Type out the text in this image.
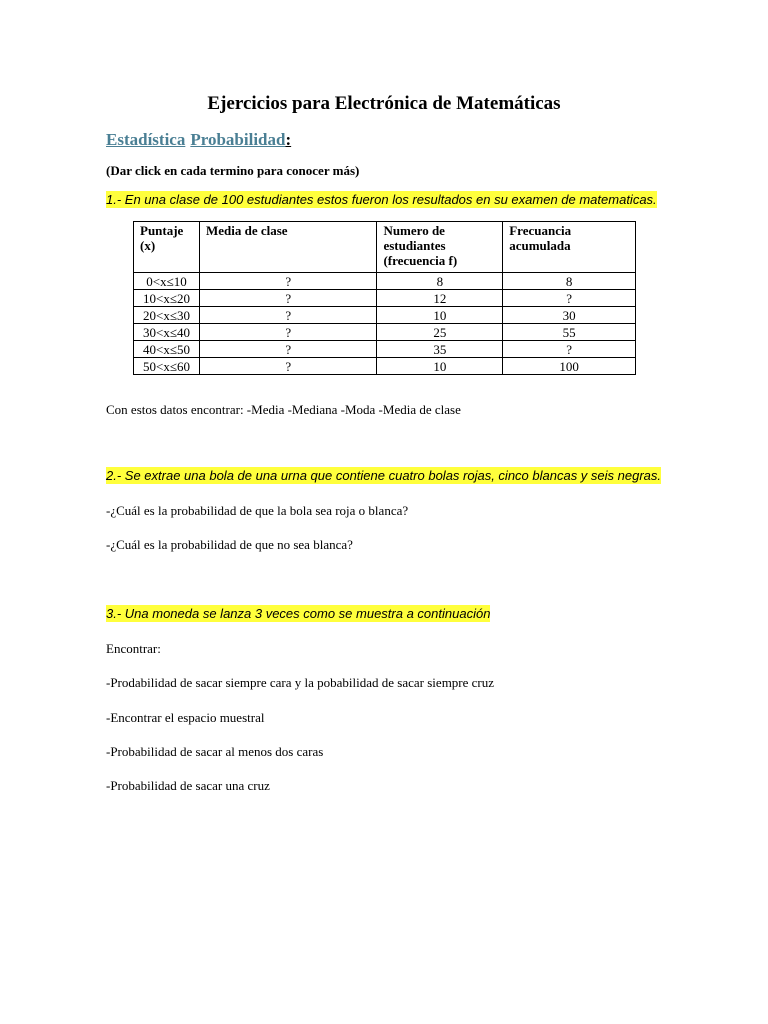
Ejercicios para Electrónica de Matemáticas
Estadística Probabilidad:
(Dar click en cada termino para conocer más)
1.- En una clase de 100 estudiantes estos fueron los resultados en su examen de matematicas.
Puntaje (x)	Media de clase	Numero de estudiantes (frecuencia f)	Frecuancia acumulada
0<x≤10	?	8	8
10<x≤20	?	12	?
20<x≤30	?	10	30
30<x≤40	?	25	55
40<x≤50	?	35	?
50<x≤60	?	10	100
Con estos datos encontrar: -Media -Mediana -Moda -Media de clase
2.- Se extrae una bola de una urna que contiene cuatro bolas rojas, cinco blancas y seis negras.
-¿Cuál es la probabilidad de que la bola sea roja o blanca?
-¿Cuál es la probabilidad de que no sea blanca?
3.- Una moneda se lanza 3 veces como se muestra a continuación
Encontrar:
-Prodabilidad de sacar siempre cara y la pobabilidad de sacar siempre cruz
-Encontrar el espacio muestral
-Probabilidad de sacar al menos dos caras
-Probabilidad de sacar una cruz
